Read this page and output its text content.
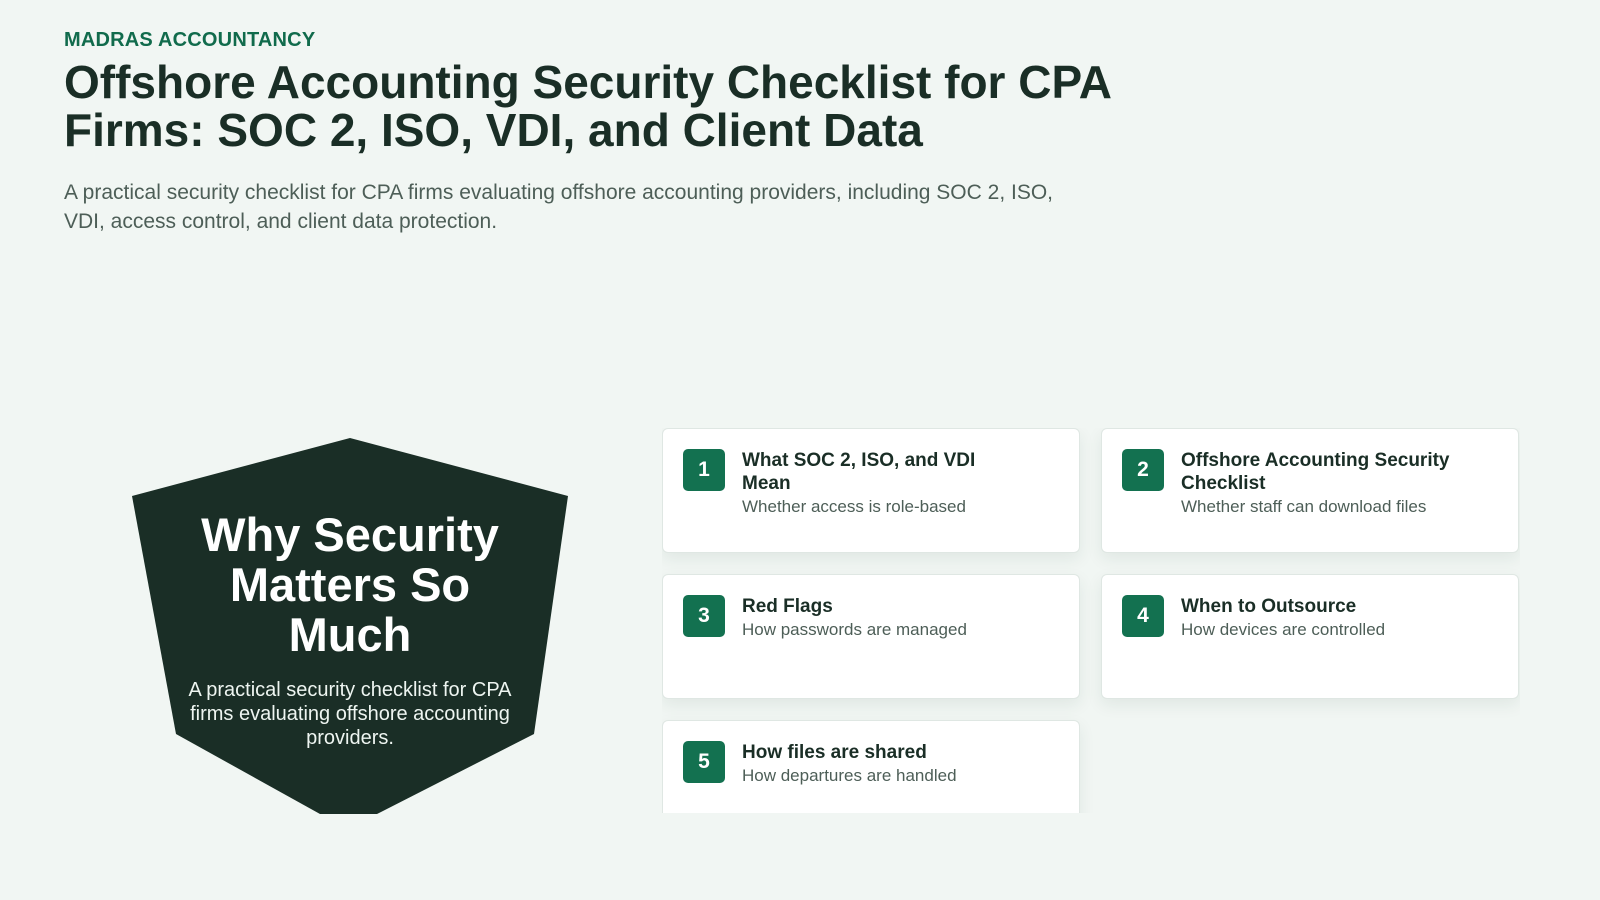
MADRAS ACCOUNTANCY
Offshore Accounting Security Checklist for CPA Firms: SOC 2, ISO, VDI, and Client Data

A practical security checklist for CPA firms evaluating offshore accounting providers, including SOC 2, ISO, VDI, access control, and client data protection.

Why Security Matters So Much
A practical security checklist for CPA firms evaluating offshore accounting providers.
1	What SOC 2, ISO, and VDI Mean
Whether access is role-based
2	Offshore Accounting Security Checklist
Whether staff can download files
3	Red Flags
How passwords are managed
4	When to Outsource
How devices are controlled
5	How files are shared
How departures are handled
